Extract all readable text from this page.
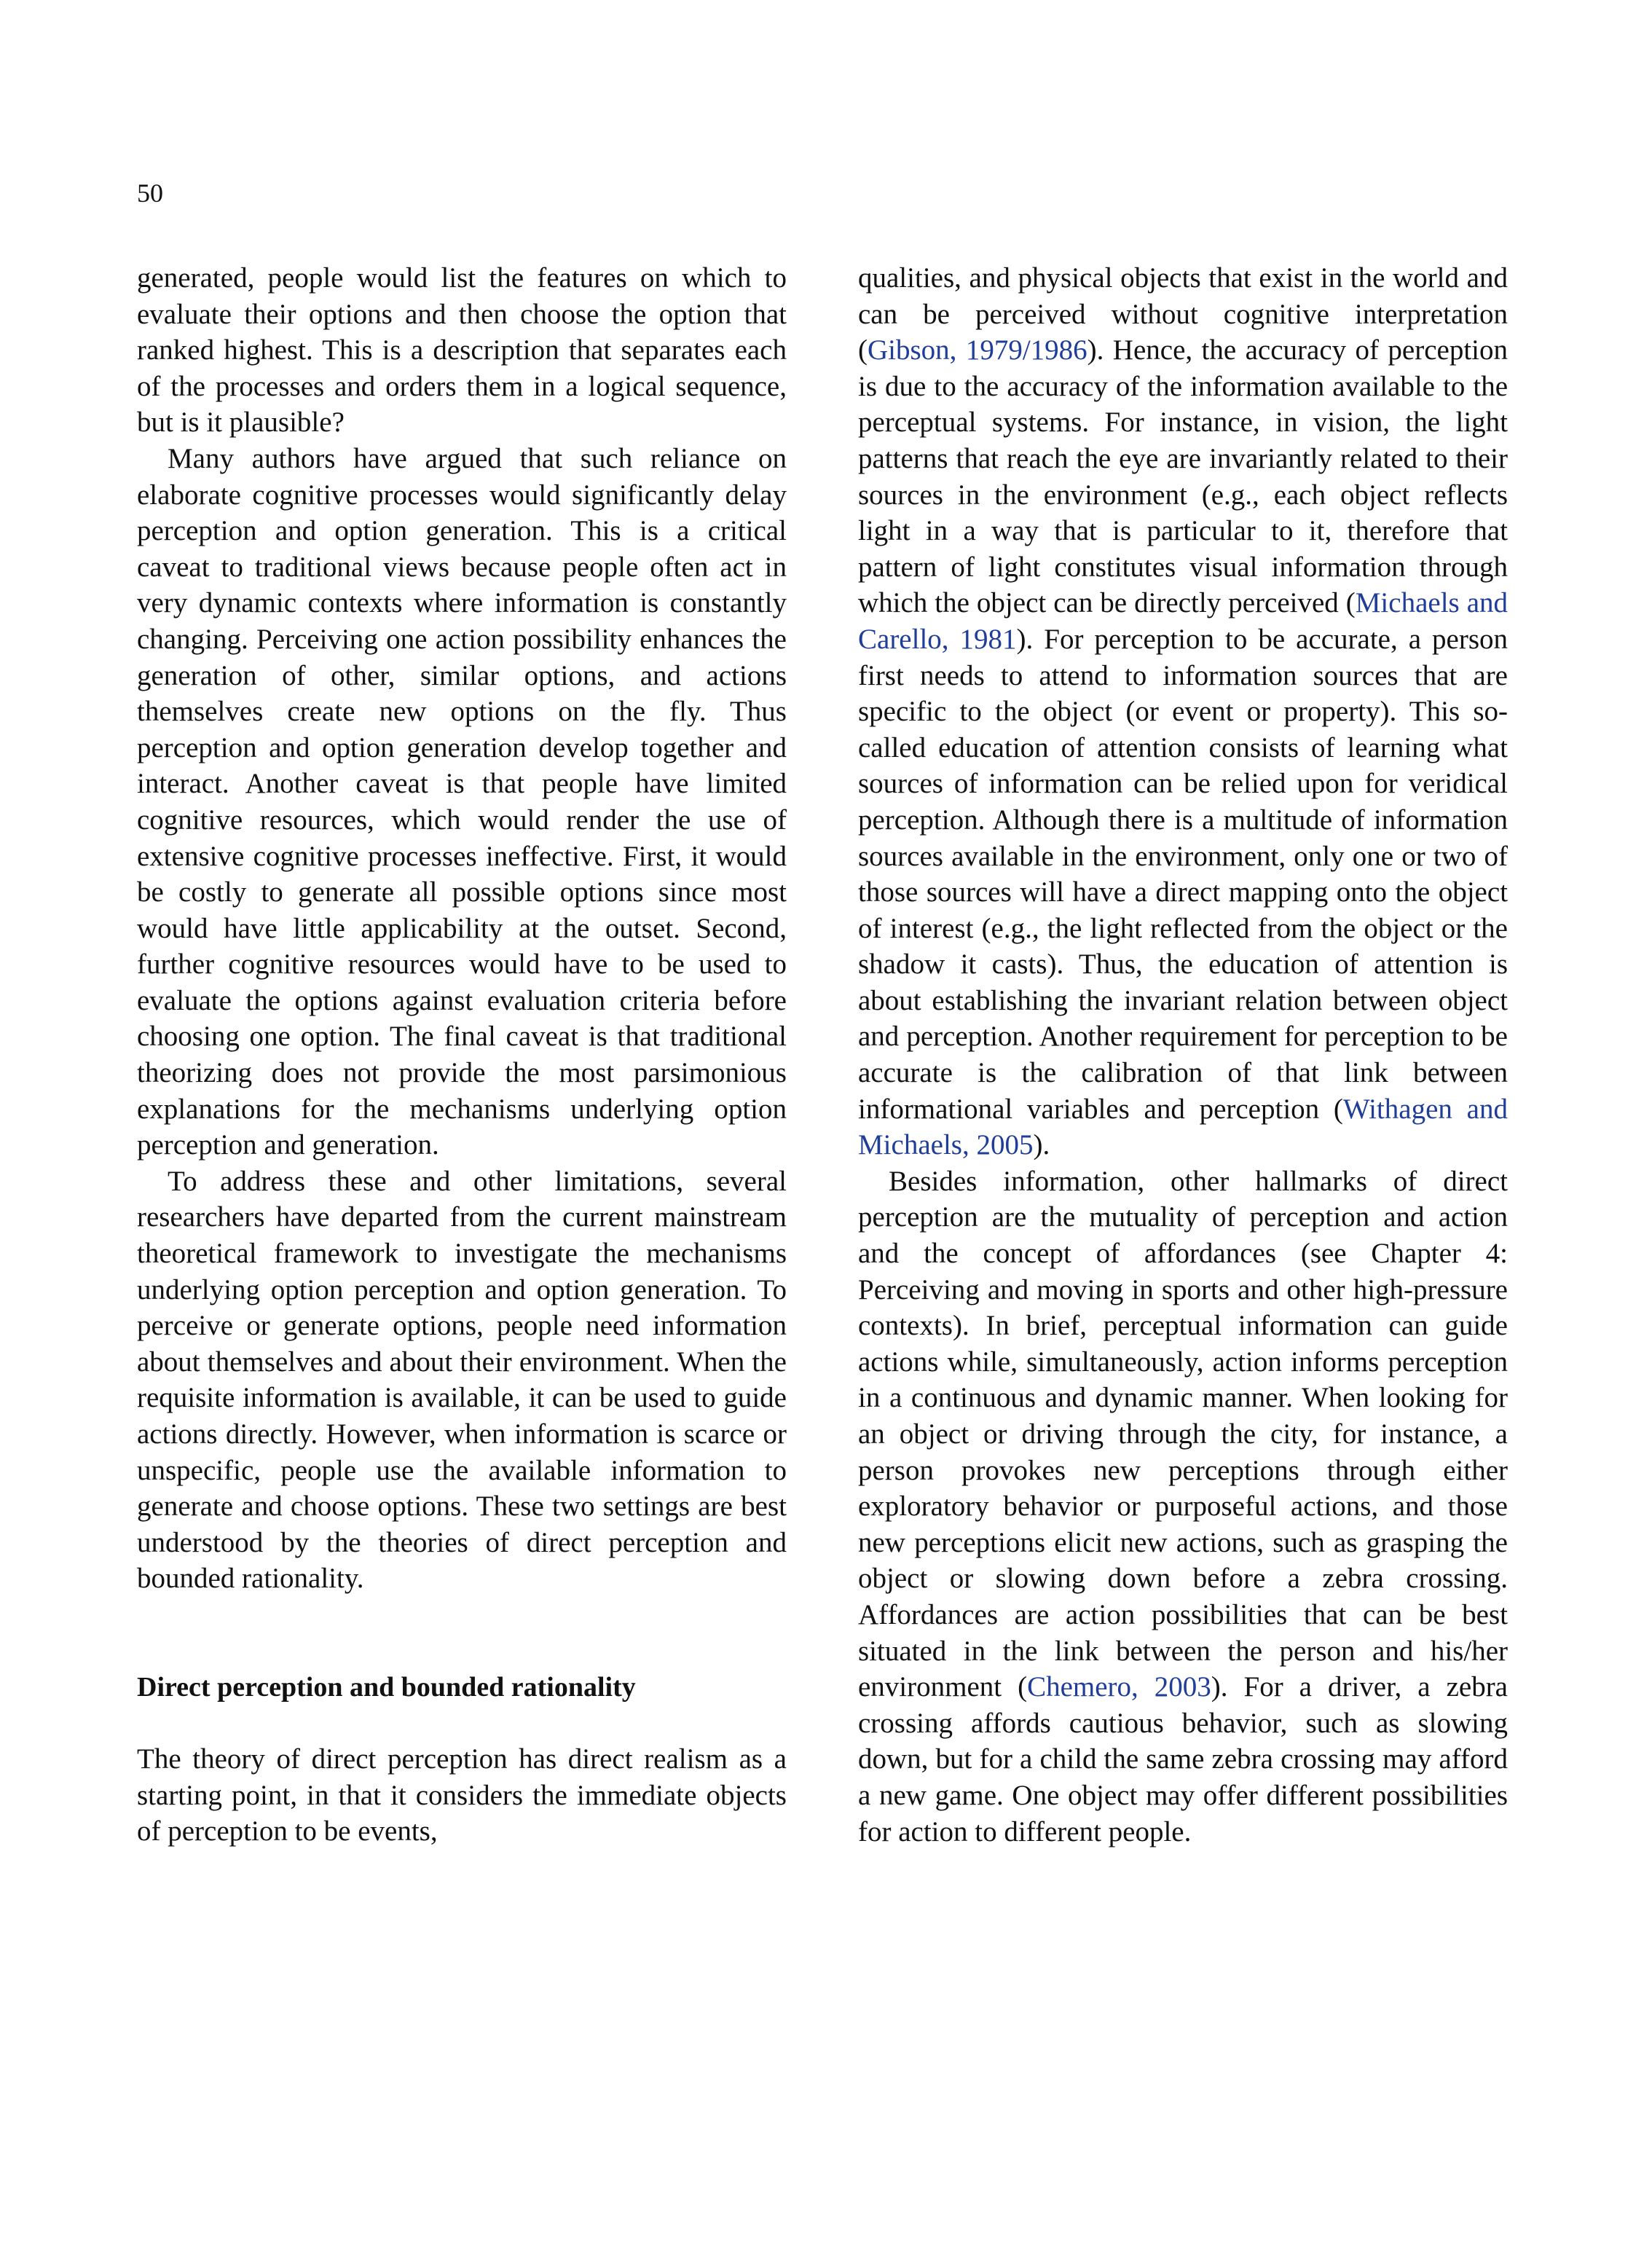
50

generated, people would list the features on which to evaluate their options and then choose the option that ranked highest. This is a description that separates each of the processes and orders them in a logical sequence, but is it plausible?

Many authors have argued that such reliance on elaborate cognitive processes would significantly delay perception and option generation. This is a critical caveat to traditional views because people often act in very dynamic contexts where information is constantly changing. Perceiving one action possibility enhances the generation of other, similar options, and actions themselves create new options on the fly. Thus perception and option generation develop together and interact. Another caveat is that people have limited cognitive resources, which would render the use of extensive cognitive processes ineffective. First, it would be costly to generate all possible options since most would have little applicability at the outset. Second, further cognitive resources would have to be used to evaluate the options against evaluation criteria before choosing one option. The final caveat is that traditional theorizing does not provide the most parsimonious explanations for the mechanisms underlying option perception and generation.

To address these and other limitations, several researchers have departed from the current mainstream theoretical framework to investigate the mechanisms underlying option perception and option generation. To perceive or generate options, people need information about themselves and about their environment. When the requisite information is available, it can be used to guide actions directly. However, when information is scarce or unspecific, people use the available information to generate and choose options. These two settings are best understood by the theories of direct perception and bounded rationality.

Direct perception and bounded rationality

The theory of direct perception has direct realism as a starting point, in that it considers the immediate objects of perception to be events,

qualities, and physical objects that exist in the world and can be perceived without cognitive interpretation (Gibson, 1979/1986). Hence, the accuracy of perception is due to the accuracy of the information available to the perceptual systems. For instance, in vision, the light patterns that reach the eye are invariantly related to their sources in the environment (e.g., each object reflects light in a way that is particular to it, therefore that pattern of light constitutes visual information through which the object can be directly perceived (Michaels and Carello, 1981). For perception to be accurate, a person first needs to attend to information sources that are specific to the object (or event or property). This so-called education of attention consists of learning what sources of information can be relied upon for veridical perception. Although there is a multitude of information sources available in the environment, only one or two of those sources will have a direct mapping onto the object of interest (e.g., the light reflected from the object or the shadow it casts). Thus, the education of attention is about establishing the invariant relation between object and perception. Another requirement for perception to be accurate is the calibration of that link between informational variables and perception (Withagen and Michaels, 2005).

Besides information, other hallmarks of direct perception are the mutuality of perception and action and the concept of affordances (see Chapter 4: Perceiving and moving in sports and other high-pressure contexts). In brief, perceptual information can guide actions while, simultaneously, action informs perception in a continuous and dynamic manner. When looking for an object or driving through the city, for instance, a person provokes new perceptions through either exploratory behavior or purposeful actions, and those new perceptions elicit new actions, such as grasping the object or slowing down before a zebra crossing. Affordances are action possibilities that can be best situated in the link between the person and his/her environment (Chemero, 2003). For a driver, a zebra crossing affords cautious behavior, such as slowing down, but for a child the same zebra crossing may afford a new game. One object may offer different possibilities for action to different people.
